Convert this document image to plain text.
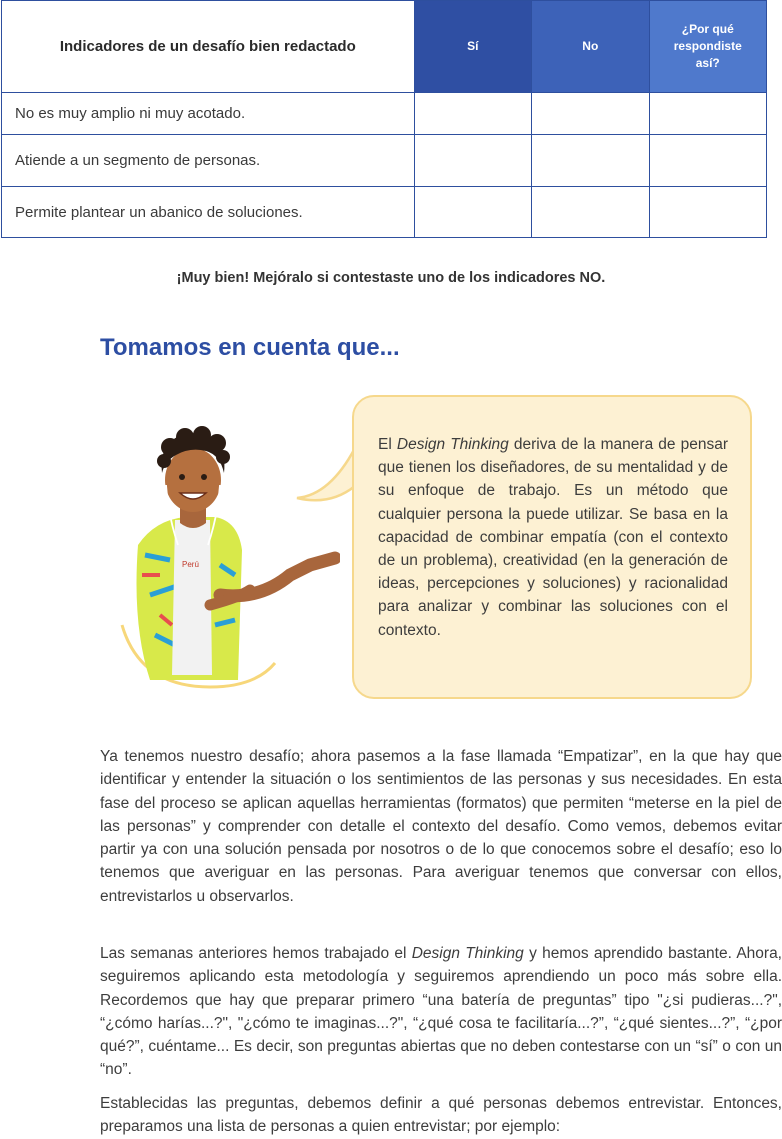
Indicadores de un desafío bien redactado	Sí	No	¿Por qué respondiste así?

No es muy amplio ni muy acotado.			
Atiende a un segmento de personas.			
Permite plantear un abanico de soluciones.			
¡Muy bien! Mejóralo si contestaste uno de los indicadores NO.
Tomamos en cuenta que...
Perú
El Design Thinking deriva de la manera de pensar que tienen los diseñadores, de su mentalidad y de su enfoque de trabajo. Es un método que cualquier persona la puede utilizar. Se basa en la capacidad de combinar empatía (con el contexto de un problema), creatividad (en la generación de ideas, percepciones y soluciones) y racionalidad para analizar y combinar las soluciones con el contexto.
Ya tenemos nuestro desafío; ahora pasemos a la fase llamada “Empatizar”, en la que hay que identificar y entender la situación o los sentimientos de las personas y sus necesidades. En esta fase del proceso se aplican aquellas herramientas (formatos) que permiten “meterse en la piel de las personas” y comprender con detalle el contexto del desafío. Como vemos, debemos evitar partir ya con una solución pensada por nosotros o de lo que conocemos sobre el desafío; eso lo tenemos que averiguar en las personas. Para averiguar tenemos que conversar con ellos, entrevistarlos u observarlos.
Las semanas anteriores hemos trabajado el Design Thinking y hemos aprendido bastante. Ahora, seguiremos aplicando esta metodología y seguiremos aprendiendo un poco más sobre ella. Recordemos que hay que preparar primero “una batería de preguntas” tipo "¿si pudieras...?", “¿cómo harías...?", "¿cómo te imaginas...?", “¿qué cosa te facilitaría...?”, “¿qué sientes...?”, “¿por qué?”, cuéntame... Es decir, son preguntas abiertas que no deben contestarse con un “sí” o con un “no”.
Establecidas las preguntas, debemos definir a qué personas debemos entrevistar. Entonces, preparamos una lista de personas a quien entrevistar; por ejemplo:
